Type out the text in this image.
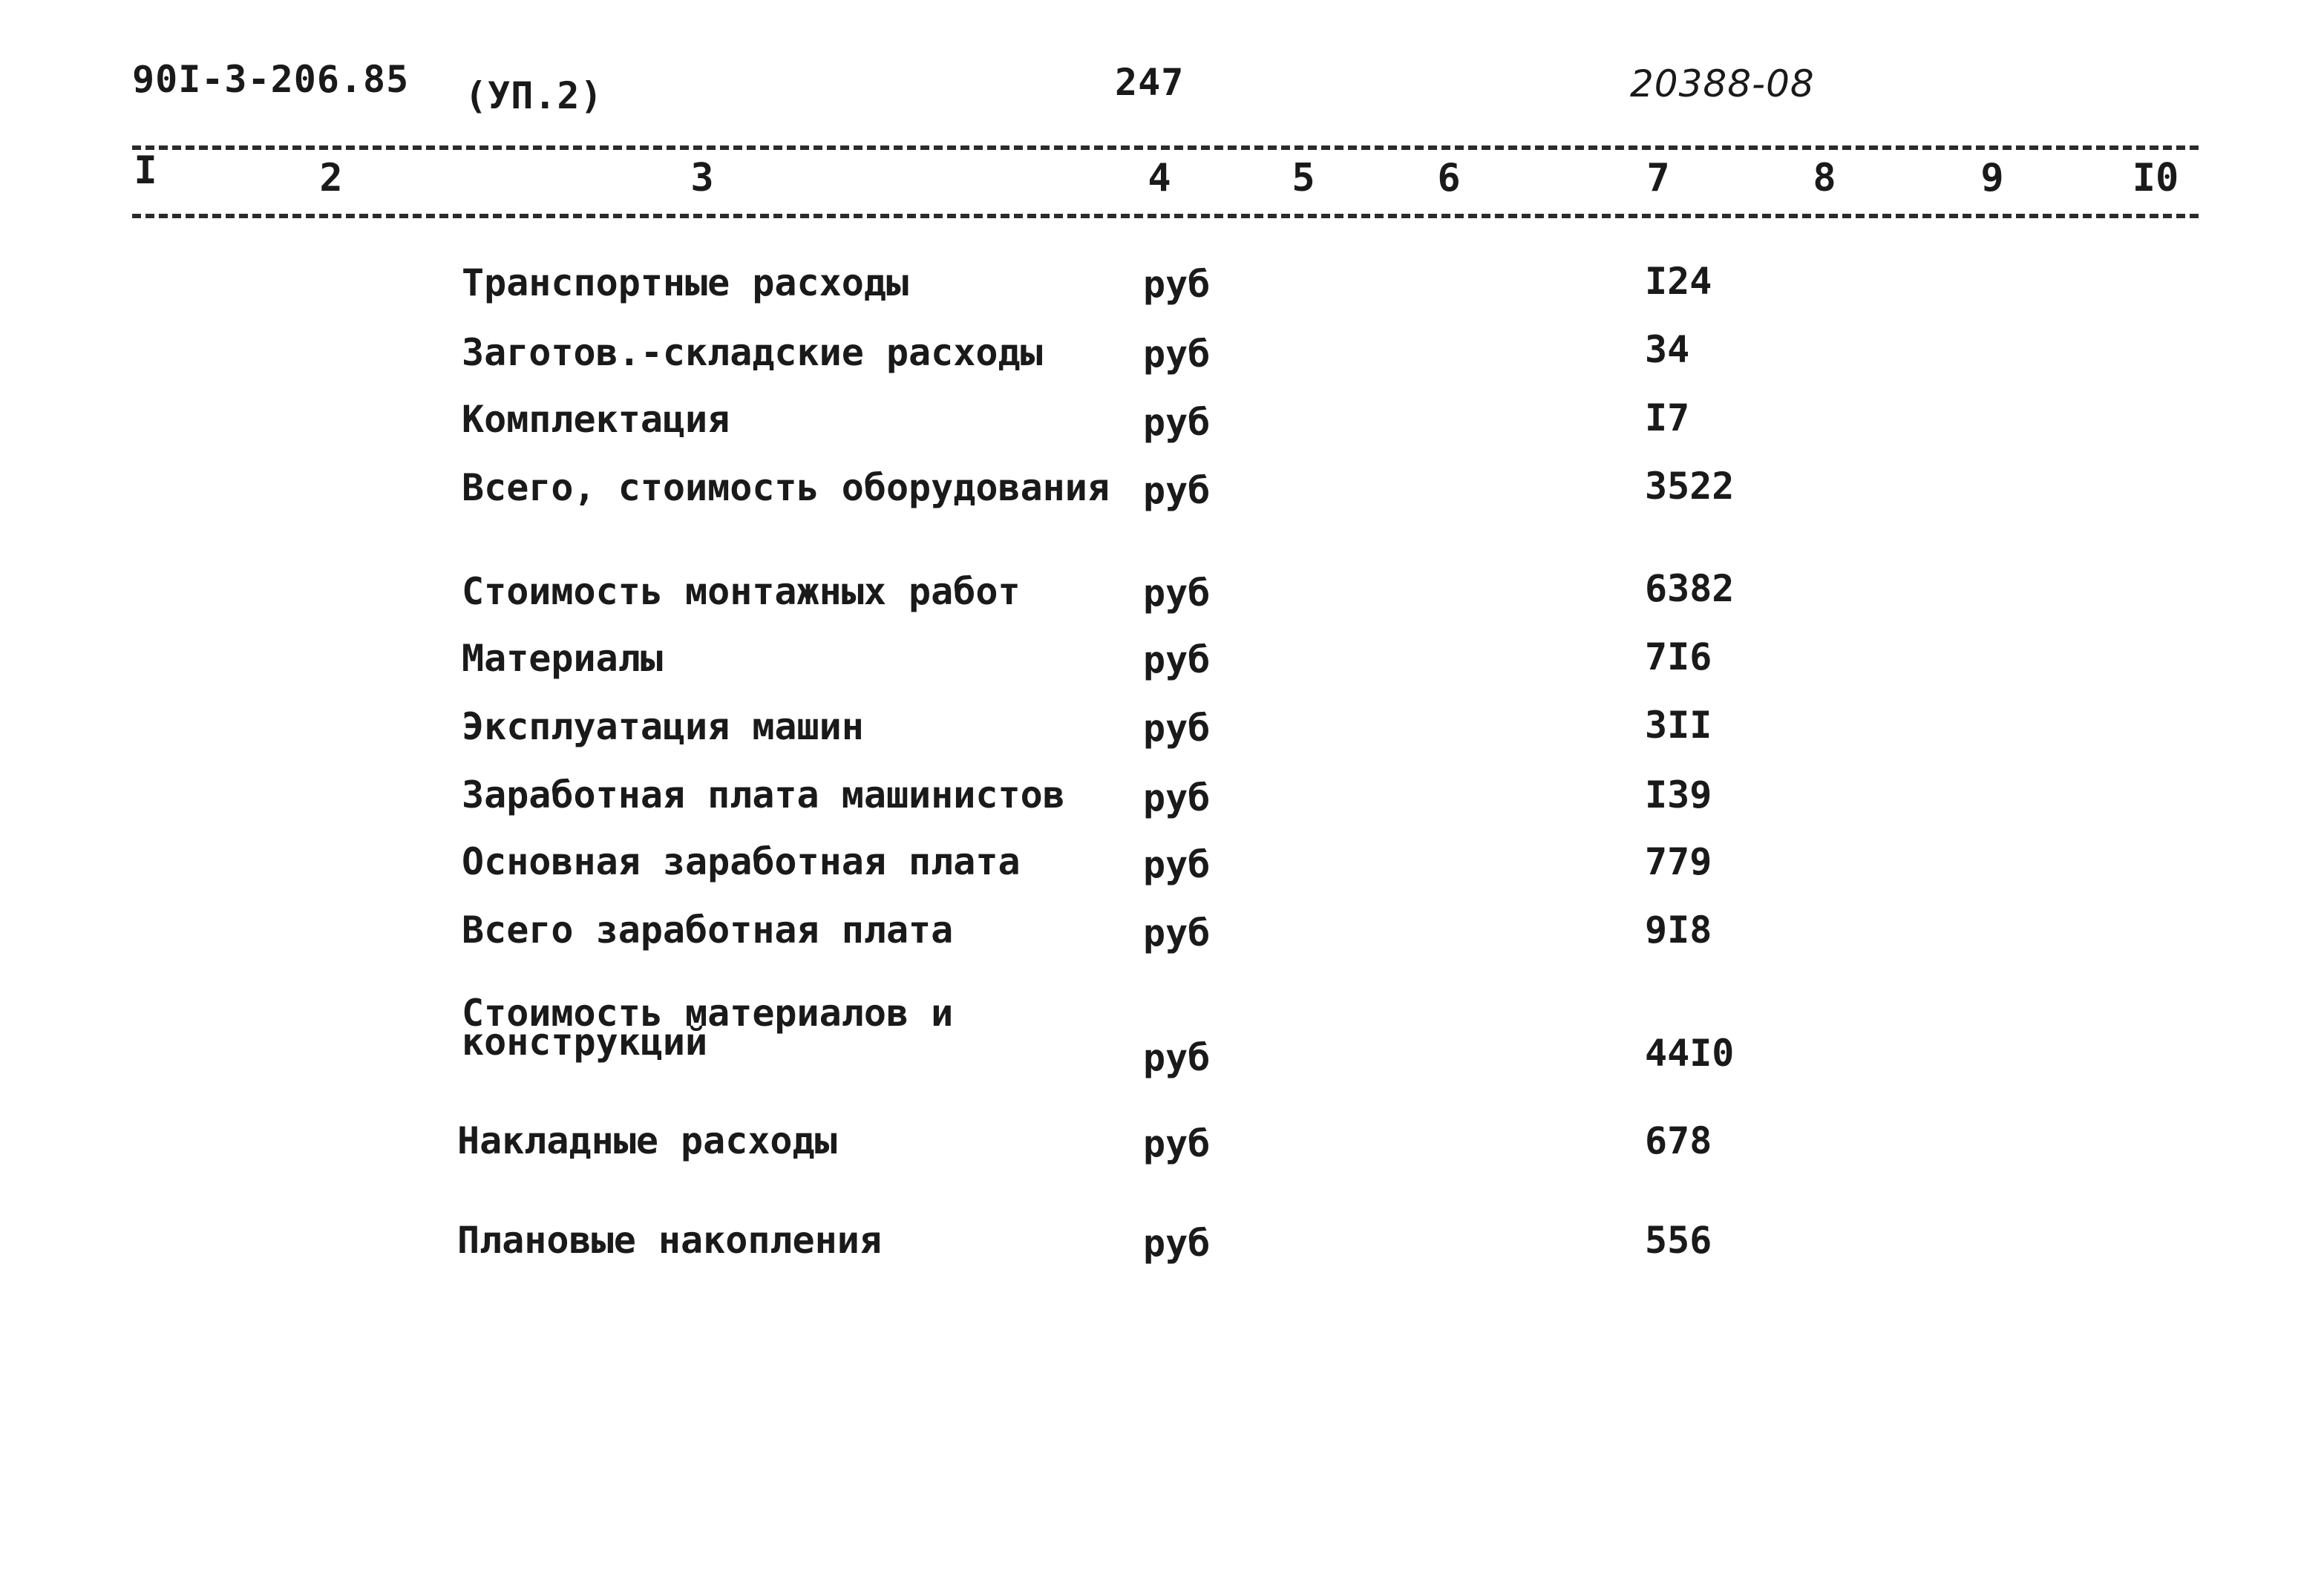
90I-3-206.85 (УП.2)	247	20388-08
I	2	3	4	5	6	7	8	9	I0
Транспортные расходы	руб	I24
Заготов.-складские расходы	руб	34
Комплектация	руб	I7
Всего, стоимость оборудования руб	3522
Стоимость монтажных работ	руб	6382
Материалы	руб	7I6
Эксплуатация машин	руб	3II
Заработная плата машинистов руб	I39
Основная заработная плата	руб	779
Всего заработная плата	руб	9I8
Стоимость материалов и конструкций	руб	44I0
Накладные расходы	руб	678
Плановые накопления	руб	556
